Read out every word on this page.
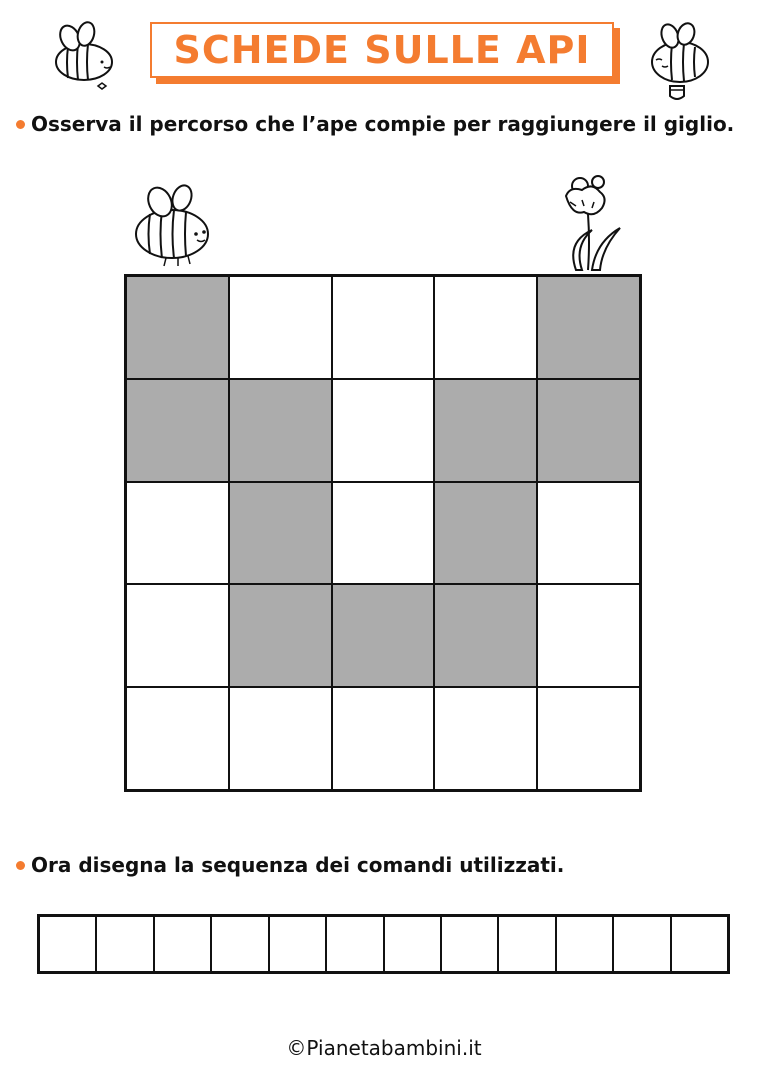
SCHEDE SULLE API
Osserva il percorso che l’ape compie per raggiungere il giglio.
Ora disegna la sequenza dei comandi utilizzati.
©Pianetabambini.it
